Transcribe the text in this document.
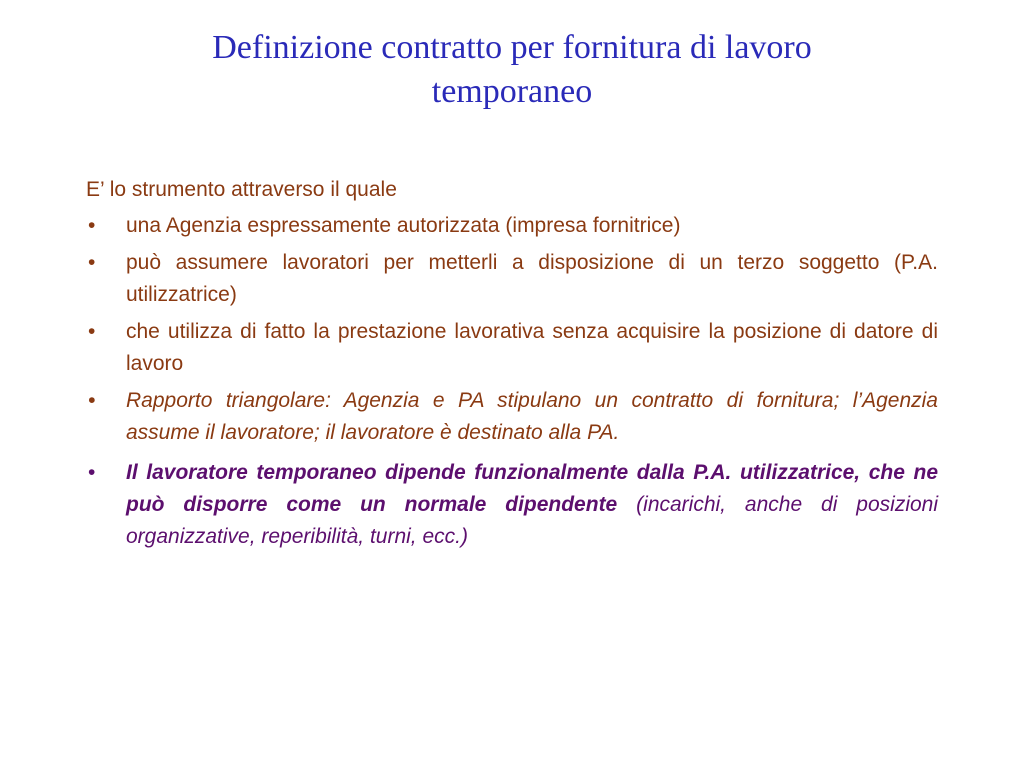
Definizione contratto per fornitura di lavoro
temporaneo

E’ lo strumento attraverso il quale

• una Agenzia espressamente autorizzata (impresa fornitrice)
• può assumere lavoratori per metterli a disposizione di un terzo soggetto (P.A. utilizzatrice)
• che utilizza di fatto la prestazione lavorativa senza acquisire la posizione di datore di lavoro
• Rapporto triangolare: Agenzia e PA stipulano un contratto di fornitura; l’Agenzia assume il lavoratore; il lavoratore è destinato alla PA.
• Il lavoratore temporaneo dipende funzionalmente dalla P.A. utilizzatrice, che ne può disporre come un normale dipendente (incarichi, anche di posizioni organizzative, reperibilità, turni, ecc.)
